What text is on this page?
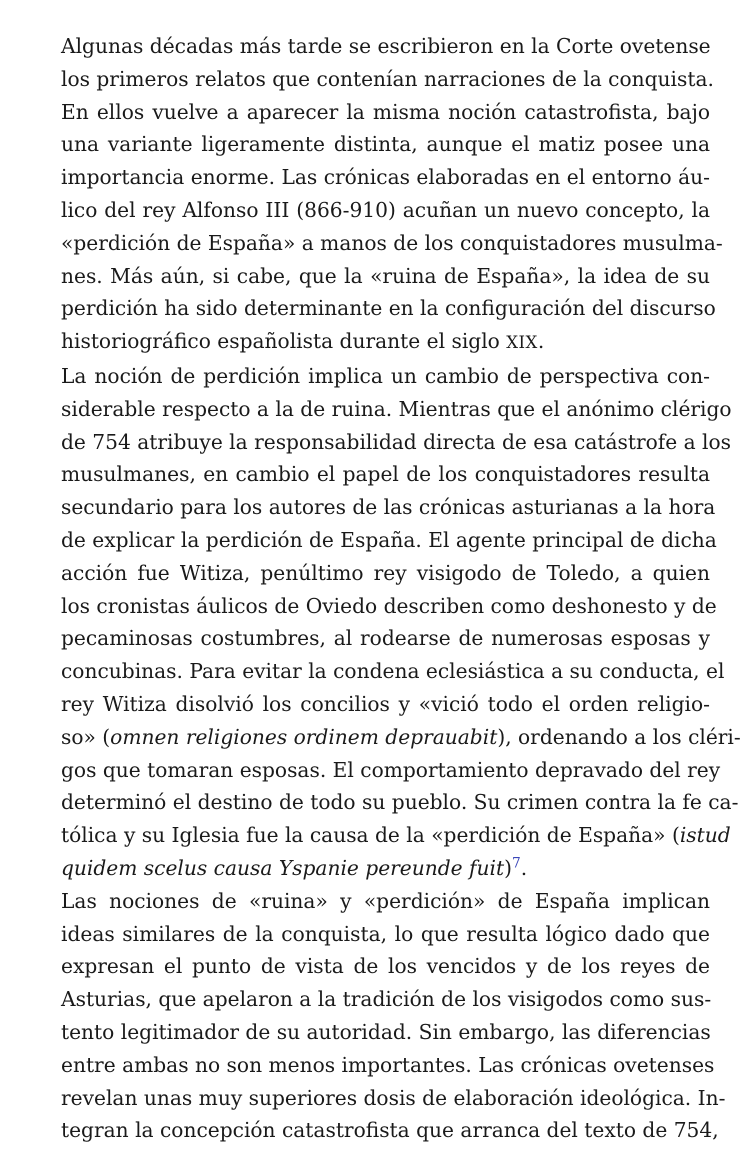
Algunas décadas más tarde se escribieron en la Corte ovetense
los primeros relatos que contenían narraciones de la conquista.
En ellos vuelve a aparecer la misma noción catastrofista, bajo
una variante ligeramente distinta, aunque el matiz posee una
importancia enorme. Las crónicas elaboradas en el entorno áu-
lico del rey Alfonso III (866-910) acuñan un nuevo concepto, la
«perdición de España» a manos de los conquistadores musulma-
nes. Más aún, si cabe, que la «ruina de España», la idea de su
perdición ha sido determinante en la configuración del discurso
historiográfico españolista durante el siglo XIX.
La noción de perdición implica un cambio de perspectiva con-
siderable respecto a la de ruina. Mientras que el anónimo clérigo
de 754 atribuye la responsabilidad directa de esa catástrofe a los
musulmanes, en cambio el papel de los conquistadores resulta
secundario para los autores de las crónicas asturianas a la hora
de explicar la perdición de España. El agente principal de dicha
acción fue Witiza, penúltimo rey visigodo de Toledo, a quien
los cronistas áulicos de Oviedo describen como deshonesto y de
pecaminosas costumbres, al rodearse de numerosas esposas y
concubinas. Para evitar la condena eclesiástica a su conducta, el
rey Witiza disolvió los concilios y «vició todo el orden religio-
so» (omnen religiones ordinem deprauabit), ordenando a los cléri-
gos que tomaran esposas. El comportamiento depravado del rey
determinó el destino de todo su pueblo. Su crimen contra la fe ca-
tólica y su Iglesia fue la causa de la «perdición de España» (istud
quidem scelus causa Yspanie pereunde fuit)$^7$.
Las nociones de «ruina» y «perdición» de España implican
ideas similares de la conquista, lo que resulta lógico dado que
expresan el punto de vista de los vencidos y de los reyes de
Asturias, que apelaron a la tradición de los visigodos como sus-
tento legitimador de su autoridad. Sin embargo, las diferencias
entre ambas no son menos importantes. Las crónicas ovetenses
revelan unas muy superiores dosis de elaboración ideológica. In-
tegran la concepción catastrofista que arranca del texto de 754,
